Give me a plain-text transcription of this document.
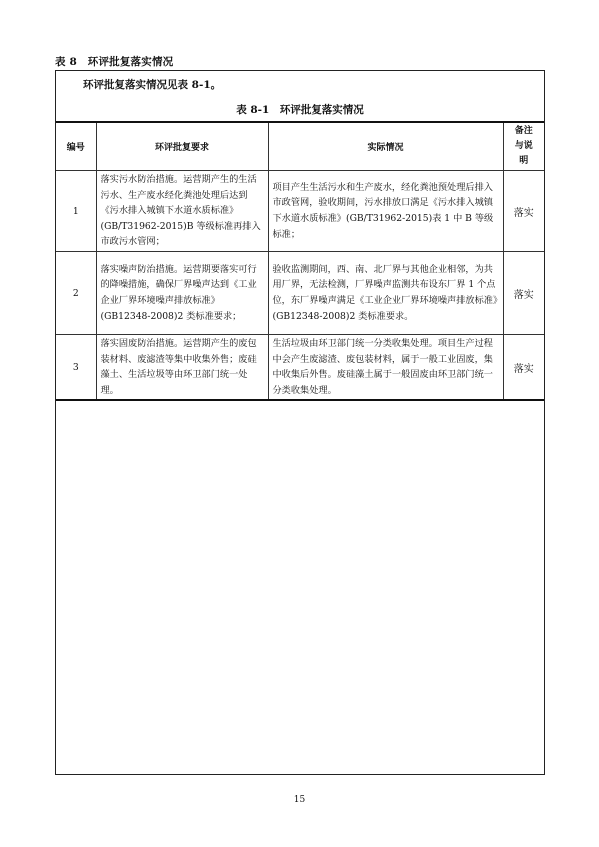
表 8　环评批复落实情况
环评批复落实情况见表 8-1。
表 8-1　环评批复落实情况
编号	环评批复要求	实际情况	备注
与说
明
1	落实污水防治措施。运营期产生的生活污水、生产废水经化粪池处理后达到《污水排入城镇下水道水质标准》(GB/T31962-2015)B 等级标准再排入市政污水管网；	项目产生生活污水和生产废水，经化粪池预处理后排入市政管网，验收期间，污水排放口满足《污水排入城镇下水道水质标准》(GB/T31962-2015)表 1 中 B 等级标准；	落实
2	落实噪声防治措施。运营期要落实可行的降噪措施，确保厂界噪声达到《工业企业厂界环境噪声排放标准》(GB12348-2008)2 类标准要求；	验收监测期间，西、南、北厂界与其他企业相邻，为共用厂界，无法检测，厂界噪声监测共布设东厂界 1 个点位，东厂界噪声满足《工业企业厂界环境噪声排放标准》(GB12348-2008)2 类标准要求。	落实
3	落实固废防治措施。运营期产生的废包装材料、废滤渣等集中收集外售；废硅藻土、生活垃圾等由环卫部门统一处理。	生活垃圾由环卫部门统一分类收集处理。项目生产过程中会产生废滤渣、废包装材料，属于一般工业固废，集中收集后外售。废硅藻土属于一般固废由环卫部门统一分类收集处理。	落实
15
